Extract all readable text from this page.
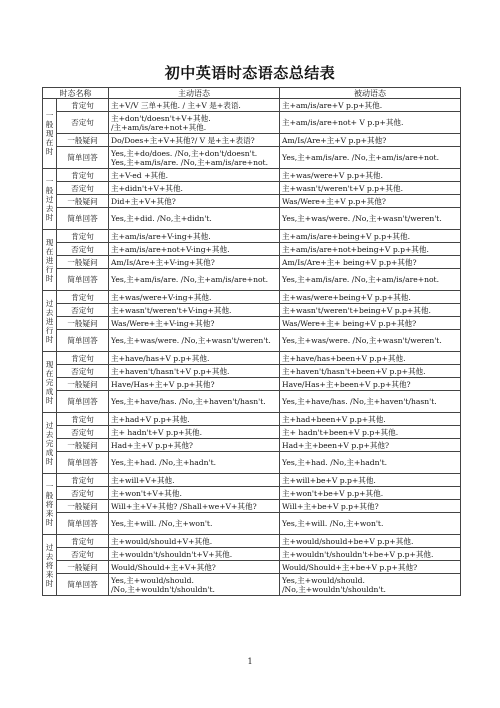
初中英语时态语态总结表
时态名称		主动语态	被动语态

一
般
现
在
时	肯定句	主+V/V 三单+其他. / 主+V 是+表语.	主+am/is/are+V p.p+其他.
	否定句	主+don't/doesn't+V+其他.
/主+am/is/are+not+其他.	主+am/is/are+not+ V p.p+其他.
	一般疑问	Do/Does+主+V+其他?/ V 是+主+表语?	Am/Is/Are+主+V p.p+其他?
	简单回答	Yes,主+do/does. /No,主+don't/doesn't.
Yes,主+am/is/are. /No,主+am/is/are+not.	Yes,主+am/is/are. /No,主+am/is/are+not.

一
般
过
去
时	肯定句	主+V-ed +其他.	主+was/were+V p.p+其他.
	否定句	主+didn't+V+其他.	主+wasn't/weren't+V p.p+其他.
	一般疑问	Did+主+V+其他?	Was/Were+主+V p.p+其他?
	简单回答	Yes,主+did. /No,主+didn't.	Yes,主+was/were. /No,主+wasn't/weren't.

现
在
进
行
时	肯定句	主+am/is/are+V-ing+其他.	主+am/is/are+being+V p.p+其他.
	否定句	主+am/is/are+not+V-ing+其他.	主+am/is/are+not+being+V p.p+其他.
	一般疑问	Am/Is/Are+主+V-ing+其他?	Am/Is/Are+主+ being+V p.p+其他?
	简单回答	Yes,主+am/is/are. /No,主+am/is/are+not.	Yes,主+am/is/are. /No,主+am/is/are+not.

过
去
进
行
时	肯定句	主+was/were+V-ing+其他.	主+was/were+being+V p.p+其他.
	否定句	主+wasn't/weren't+V-ing+其他.	主+wasn't/weren't+being+V p.p+其他.
	一般疑问	Was/Were+主+V-ing+其他?	Was/Were+主+ being+V p.p+其他?
	简单回答	Yes,主+was/were. /No,主+wasn't/weren't.	Yes,主+was/were. /No,主+wasn't/weren't.

现
在
完
成
时	肯定句	主+have/has+V p.p+其他.	主+have/has+been+V p.p+其他.
	否定句	主+haven't/hasn't+V p.p+其他.	主+haven't/hasn't+been+V p.p+其他.
	一般疑问	Have/Has+主+V p.p+其他?	Have/Has+主+been+V p.p+其他?
	简单回答	Yes,主+have/has. /No,主+haven't/hasn't.	Yes,主+have/has. /No,主+haven't/hasn't.

过
去
完
成
时	肯定句	主+had+V p.p+其他.	主+had+been+V p.p+其他.
	否定句	主+ hadn't+V p.p+其他.	主+ hadn't+been+V p.p+其他.
	一般疑问	Had+主+V p.p+其他?	Had+主+been+V p.p+其他?
	简单回答	Yes,主+had. /No,主+hadn't.	Yes,主+had. /No,主+hadn't.

一
般
将
来
时	肯定句	主+will+V+其他.	主+will+be+V p.p+其他.
	否定句	主+won't+V+其他.	主+won't+be+V p.p+其他.
	一般疑问	Will+主+V+其他? /Shall+we+V+其他?	Will+主+be+V p.p+其他?
	简单回答	Yes,主+will. /No,主+won't.	Yes,主+will. /No,主+won't.

过
去
将
来
时	肯定句	主+would/should+V+其他.	主+would/should+be+V p.p+其他.
	否定句	主+wouldn't/shouldn't+V+其他.	主+wouldn't/shouldn't+be+V p.p+其他.
	一般疑问	Would/Should+主+V+其他?	Would/Should+主+be+V p.p+其他?
	简单回答	Yes,主+would/should.
/No,主+wouldn't/shouldn't.	Yes,主+would/should.
/No,主+wouldn't/shouldn't.
1
